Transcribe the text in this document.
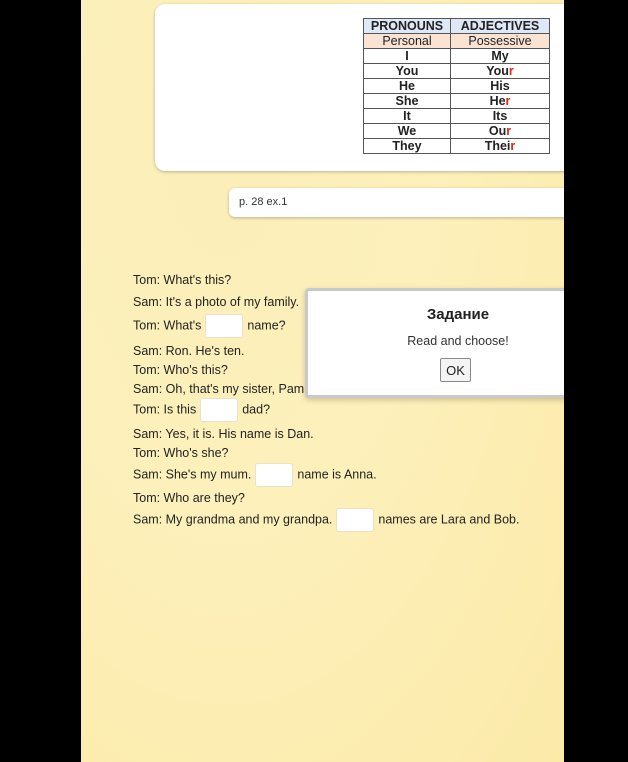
PRONOUNS	ADJECTIVES
Personal	Possessive
I	My
You	Your
He	His
She	Her
It	Its
We	Our
They	Their
p. 28 ex.1
Tom: What's this?
Sam: It's a photo of my family.
Tom: What's	name?
Sam: Ron. He's ten.
Tom: Who's this?
Sam: Oh, that's my sister, Pam
Tom: Is this	dad?
Sam: Yes, it is. His name is Dan.
Tom: Who's she?
Sam: She's my mum.	name is Anna.
Tom: Who are they?
Sam: My grandma and my grandpa.	names are Lara and Bob.
Задание
Read and choose!
OK
